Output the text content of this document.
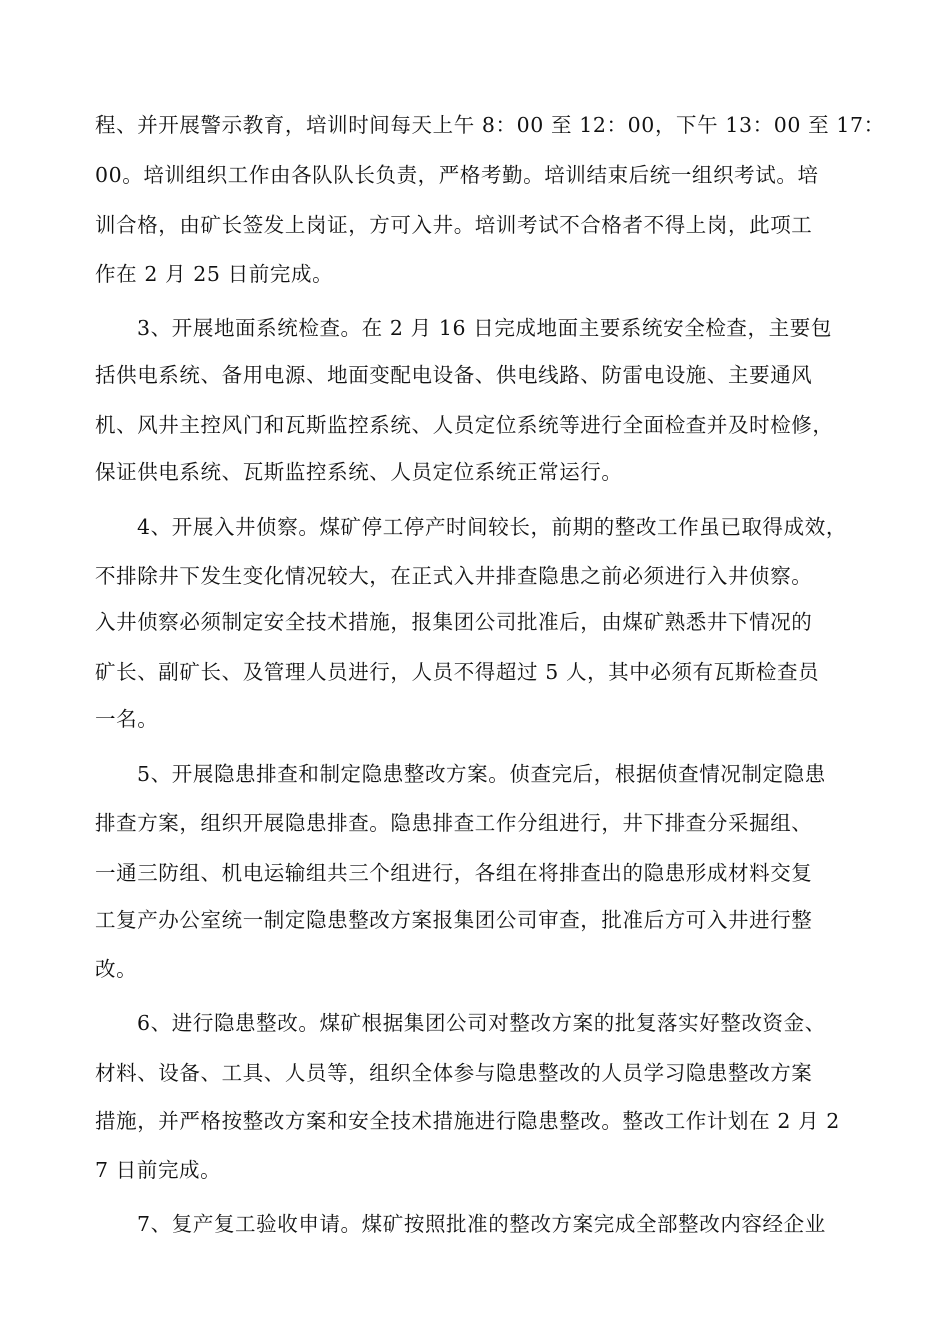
程、并开展警示教育，培训时间每天上午 8：00 至 12：00，下午 13：00 至 17：
00。培训组织工作由各队队长负责，严格考勤。培训结束后统一组织考试。培
训合格，由矿长签发上岗证，方可入井。培训考试不合格者不得上岗，此项工
作在 2 月 25 日前完成。
3、开展地面系统检查。在 2 月 16 日完成地面主要系统安全检查，主要包
括供电系统、备用电源、地面变配电设备、供电线路、防雷电设施、主要通风
机、风井主控风门和瓦斯监控系统、人员定位系统等进行全面检查并及时检修，
保证供电系统、瓦斯监控系统、人员定位系统正常运行。
4、开展入井侦察。煤矿停工停产时间较长，前期的整改工作虽已取得成效，
不排除井下发生变化情况较大，在正式入井排查隐患之前必须进行入井侦察。
入井侦察必须制定安全技术措施，报集团公司批准后，由煤矿熟悉井下情况的
矿长、副矿长、及管理人员进行，人员不得超过 5 人，其中必须有瓦斯检查员
一名。
5、开展隐患排查和制定隐患整改方案。侦查完后，根据侦查情况制定隐患
排查方案，组织开展隐患排查。隐患排查工作分组进行，井下排查分采掘组、
一通三防组、机电运输组共三个组进行，各组在将排查出的隐患形成材料交复
工复产办公室统一制定隐患整改方案报集团公司审查，批准后方可入井进行整
改。
6、进行隐患整改。煤矿根据集团公司对整改方案的批复落实好整改资金、
材料、设备、工具、人员等，组织全体参与隐患整改的人员学习隐患整改方案
措施，并严格按整改方案和安全技术措施进行隐患整改。整改工作计划在 2 月 2
7 日前完成。
7、复产复工验收申请。煤矿按照批准的整改方案完成全部整改内容经企业
